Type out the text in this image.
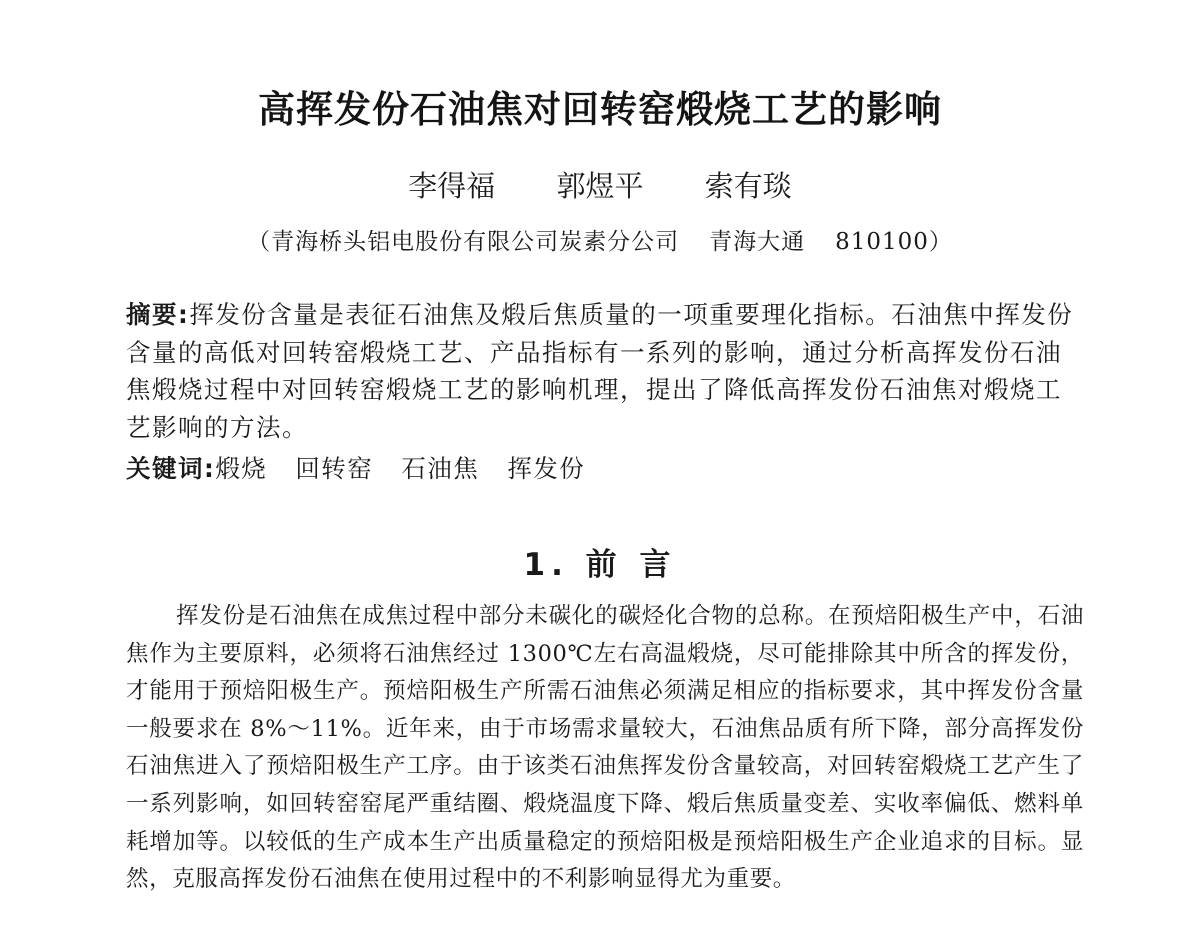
高挥发份石油焦对回转窑煅烧工艺的影响
李得福 郭煜平 索有琰
（青海桥头铝电股份有限公司炭素分公司 青海大通 810100）
摘要:挥发份含量是表征石油焦及煅后焦质量的一项重要理化指标。石油焦中挥发份含量的高低对回转窑煅烧工艺、产品指标有一系列的影响，通过分析高挥发份石油焦煅烧过程中对回转窑煅烧工艺的影响机理，提出了降低高挥发份石油焦对煅烧工艺影响的方法。
关键词:煅烧 回转窑 石油焦 挥发份
1. 前 言
挥发份是石油焦在成焦过程中部分未碳化的碳烃化合物的总称。在预焙阳极生产中，石油焦作为主要原料，必须将石油焦经过 1300℃左右高温煅烧，尽可能排除其中所含的挥发份，才能用于预焙阳极生产。预焙阳极生产所需石油焦必须满足相应的指标要求，其中挥发份含量一般要求在 8%～11%。近年来，由于市场需求量较大，石油焦品质有所下降，部分高挥发份石油焦进入了预焙阳极生产工序。由于该类石油焦挥发份含量较高，对回转窑煅烧工艺产生了一系列影响，如回转窑窑尾严重结圈、煅烧温度下降、煅后焦质量变差、实收率偏低、燃料单耗增加等。以较低的生产成本生产出质量稳定的预焙阳极是预焙阳极生产企业追求的目标。显然，克服高挥发份石油焦在使用过程中的不利影响显得尤为重要。
